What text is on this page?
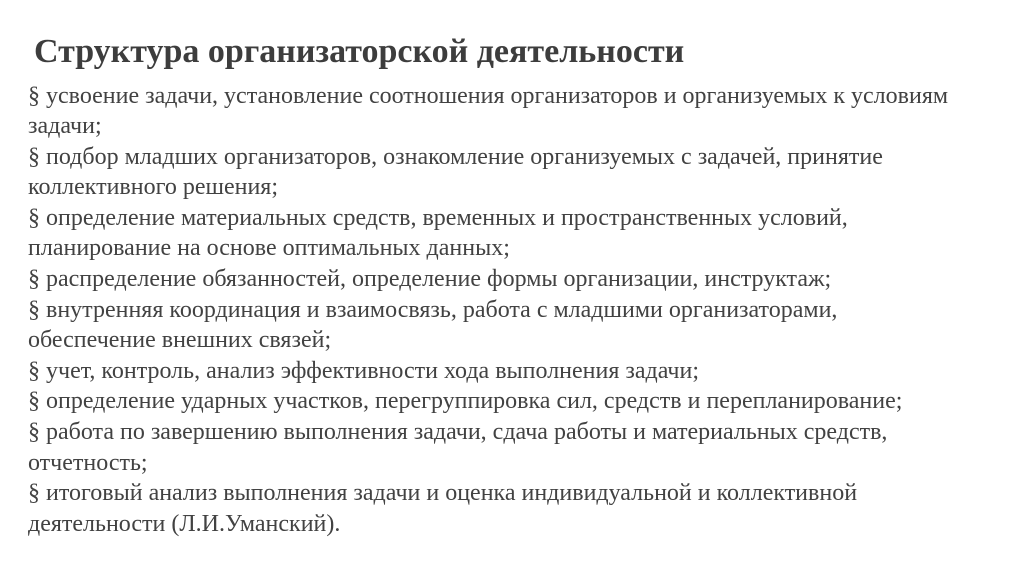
Структура организаторской деятельности

§ усвоение задачи, установление соотношения организаторов и организуемых к условиям задачи;

§ подбор младших организаторов, ознакомление организуемых с задачей, принятие коллективного решения;

§ определение материальных средств, временных и пространственных условий, планирование на основе оптимальных данных;

§ распределение обязанностей, определение формы организации, инструктаж;

§ внутренняя координация и взаимосвязь, работа с младшими организаторами, обеспечение внешних связей;

§ учет, контроль, анализ эффективности хода выполнения задачи;

§ определение ударных участков, перегруппировка сил, средств и перепланирование;

§ работа по завершению выполнения задачи, сдача работы и материальных средств, отчетность;

§ итоговый анализ выполнения задачи и оценка индивидуальной и коллективной деятельности (Л.И.Уманский).
